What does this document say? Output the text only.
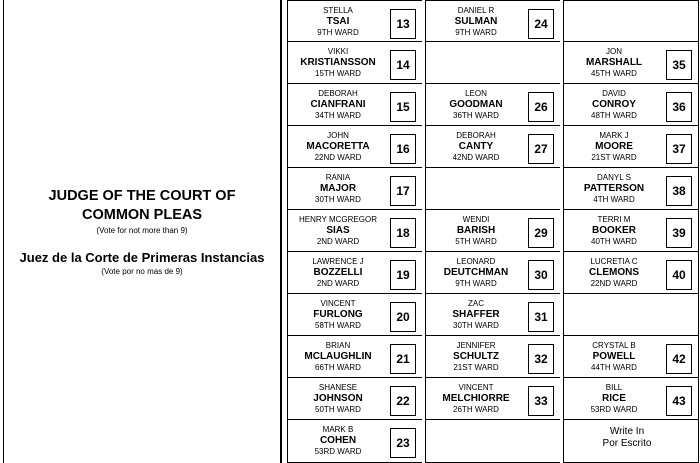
JUDGE OF THE COURT OF
COMMON PLEAS
(Vote for not more than 9)
Juez de la Corte de Primeras Instancias
(Vote por no mas de 9)
STELLA
TSAI
9TH WARD
13
VIKKI
KRISTIANSSON
15TH WARD
14
DEBORAH
CIANFRANI
34TH WARD
15
JOHN
MACORETTA
22ND WARD
16
RANIA
MAJOR
30TH WARD
17
HENRY MCGREGOR
SIAS
2ND WARD
18
LAWRENCE J
BOZZELLI
2ND WARD
19
VINCENT
FURLONG
58TH WARD
20
BRIAN
MCLAUGHLIN
66TH WARD
21
SHANESE
JOHNSON
50TH WARD
22
MARK B
COHEN
53RD WARD
23
DANIEL R
SULMAN
9TH WARD
24
LEON
GOODMAN
36TH WARD
26
DEBORAH
CANTY
42ND WARD
27
WENDI
BARISH
5TH WARD
29
LEONARD
DEUTCHMAN
9TH WARD
30
ZAC
SHAFFER
30TH WARD
31
JENNIFER
SCHULTZ
21ST WARD
32
VINCENT
MELCHIORRE
26TH WARD
33
JON
MARSHALL
45TH WARD
35
DAVID
CONROY
48TH WARD
36
MARK J
MOORE
21ST WARD
37
DANYL S
PATTERSON
4TH WARD
38
TERRI M
BOOKER
40TH WARD
39
LUCRETIA C
CLEMONS
22ND WARD
40
CRYSTAL B
POWELL
44TH WARD
42
BILL
RICE
53RD WARD
43
Write In
Por Escrito
